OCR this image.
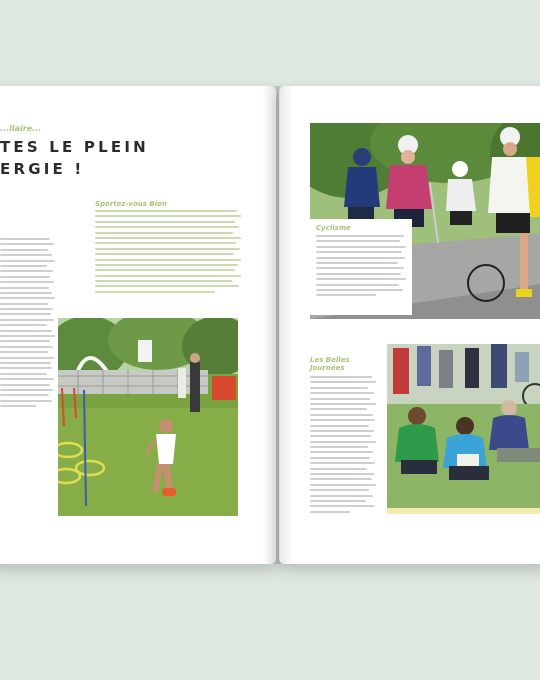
...llaire...
TES LE PLEIN
ERGIE !
Sportez-vous Bien
Cyclisme
Les Belles
Journées
